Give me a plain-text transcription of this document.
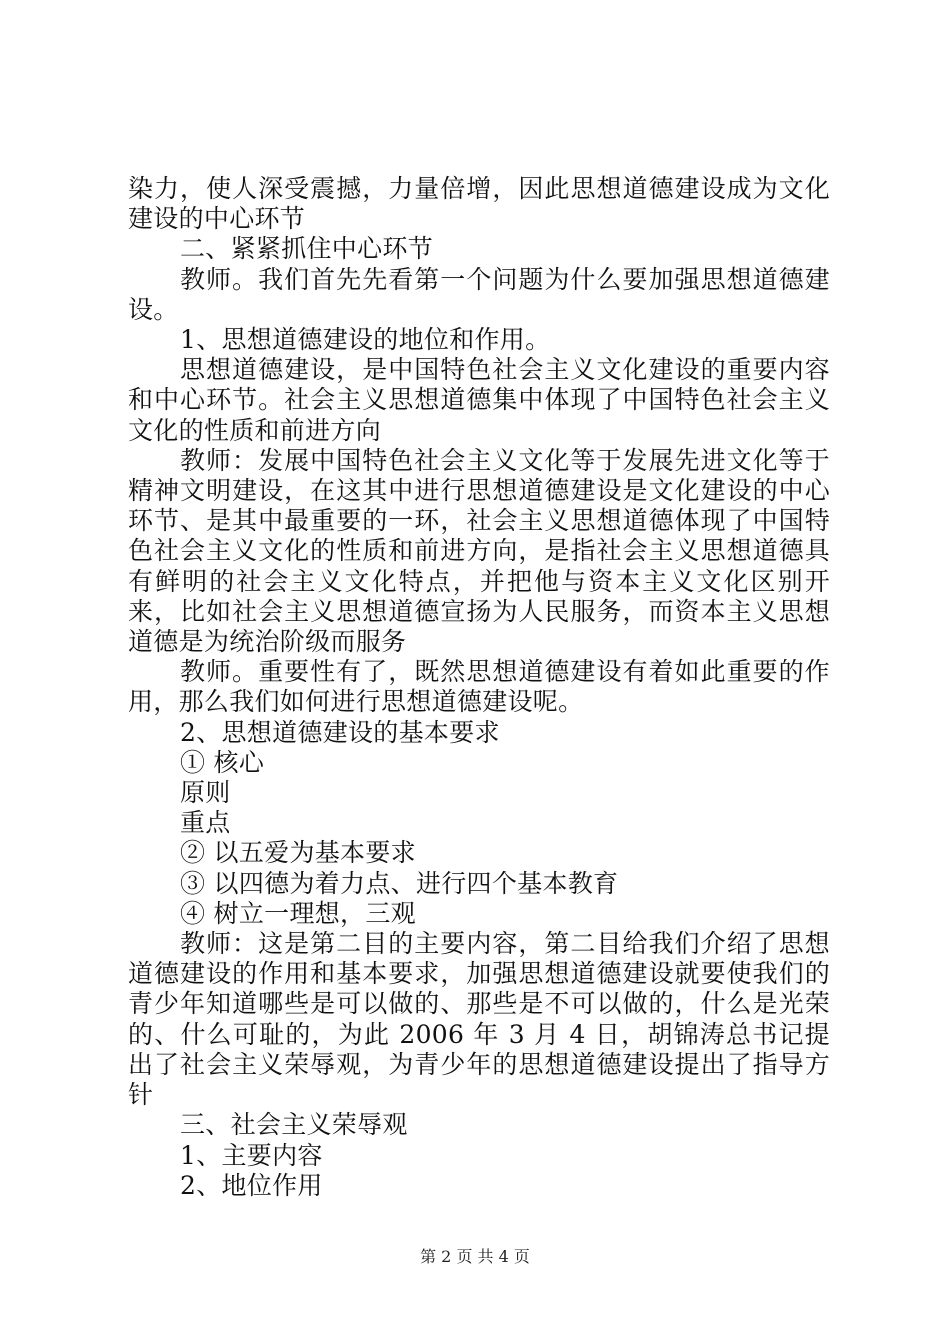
染力，使人深受震撼，力量倍增，因此思想道德建设成为文化建设的中心环节

二、紧紧抓住中心环节

教师。我们首先先看第一个问题为什么要加强思想道德建设。

1、思想道德建设的地位和作用。

思想道德建设，是中国特色社会主义文化建设的重要内容和中心环节。社会主义思想道德集中体现了中国特色社会主义文化的性质和前进方向

教师：发展中国特色社会主义文化等于发展先进文化等于精神文明建设，在这其中进行思想道德建设是文化建设的中心环节、是其中最重要的一环，社会主义思想道德体现了中国特色社会主义文化的性质和前进方向，是指社会主义思想道德具有鲜明的社会主义文化特点，并把他与资本主义文化区别开来，比如社会主义思想道德宣扬为人民服务，而资本主义思想道德是为统治阶级而服务

教师。重要性有了，既然思想道德建设有着如此重要的作用，那么我们如何进行思想道德建设呢。

2、思想道德建设的基本要求

① 核心

原则

重点

② 以五爱为基本要求

③ 以四德为着力点、进行四个基本教育

④ 树立一理想，三观

教师：这是第二目的主要内容，第二目给我们介绍了思想道德建设的作用和基本要求，加强思想道德建设就要使我们的青少年知道哪些是可以做的、那些是不可以做的，什么是光荣的、什么可耻的，为此 2006 年 3 月 4 日，胡锦涛总书记提出了社会主义荣辱观，为青少年的思想道德建设提出了指导方针

三、社会主义荣辱观

1、主要内容

2、地位作用

第 2 页 共 4 页
